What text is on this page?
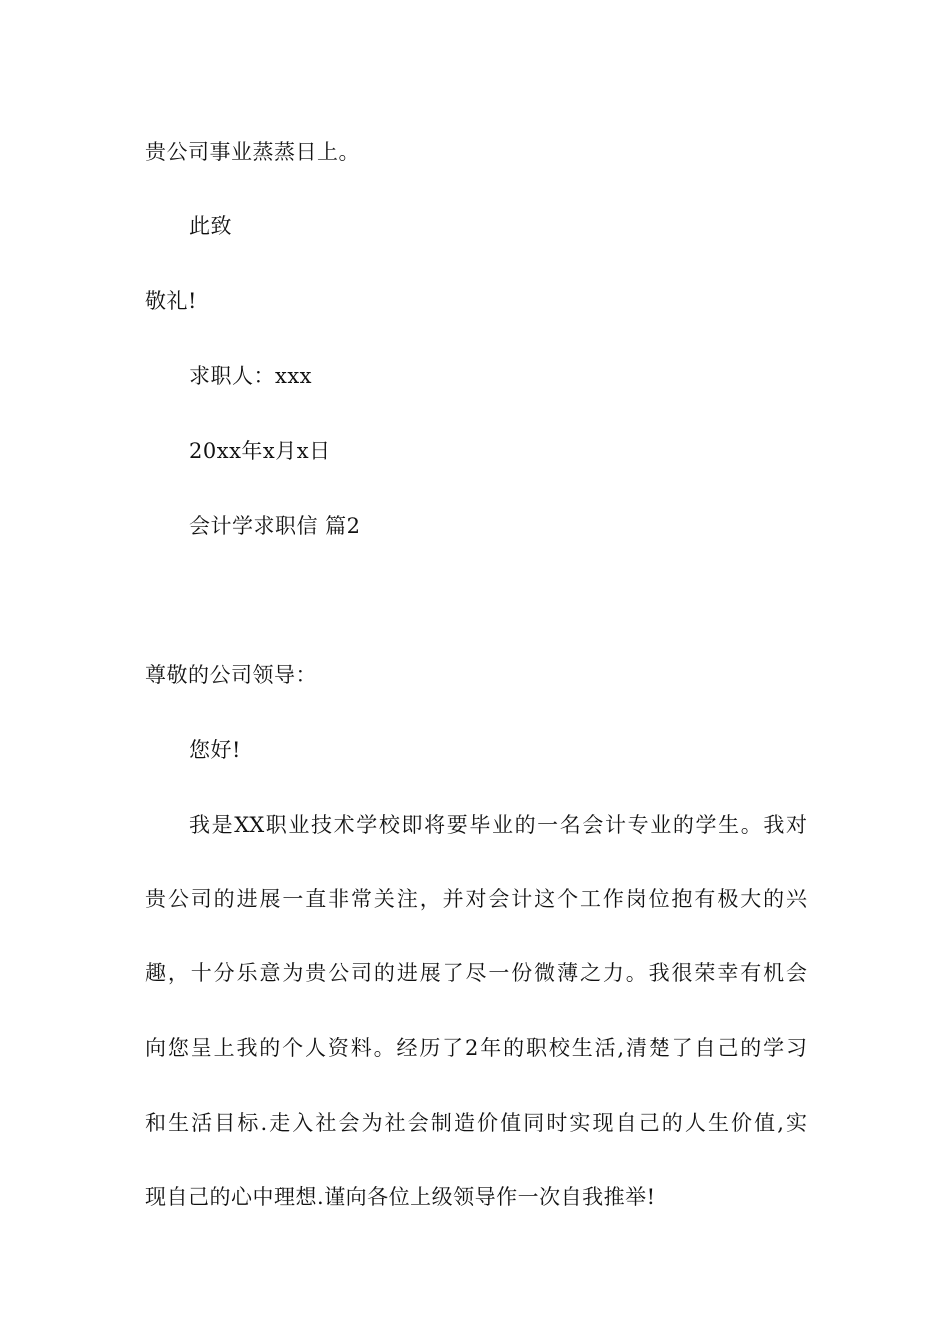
贵公司事业蒸蒸日上。
此致
敬礼!
求职人：xxx
20xx年x月x日
会计学求职信 篇2
尊敬的公司领导：
您好!
我是XX职业技术学校即将要毕业的一名会计专业的学生。我对
贵公司的进展一直非常关注，并对会计这个工作岗位抱有极大的兴
趣，十分乐意为贵公司的进展了尽一份微薄之力。我很荣幸有机会
向您呈上我的个人资料。经历了2年的职校生活,清楚了自己的学习
和生活目标.走入社会为社会制造价值同时实现自己的人生价值,实
现自己的心中理想.谨向各位上级领导作一次自我推举!
